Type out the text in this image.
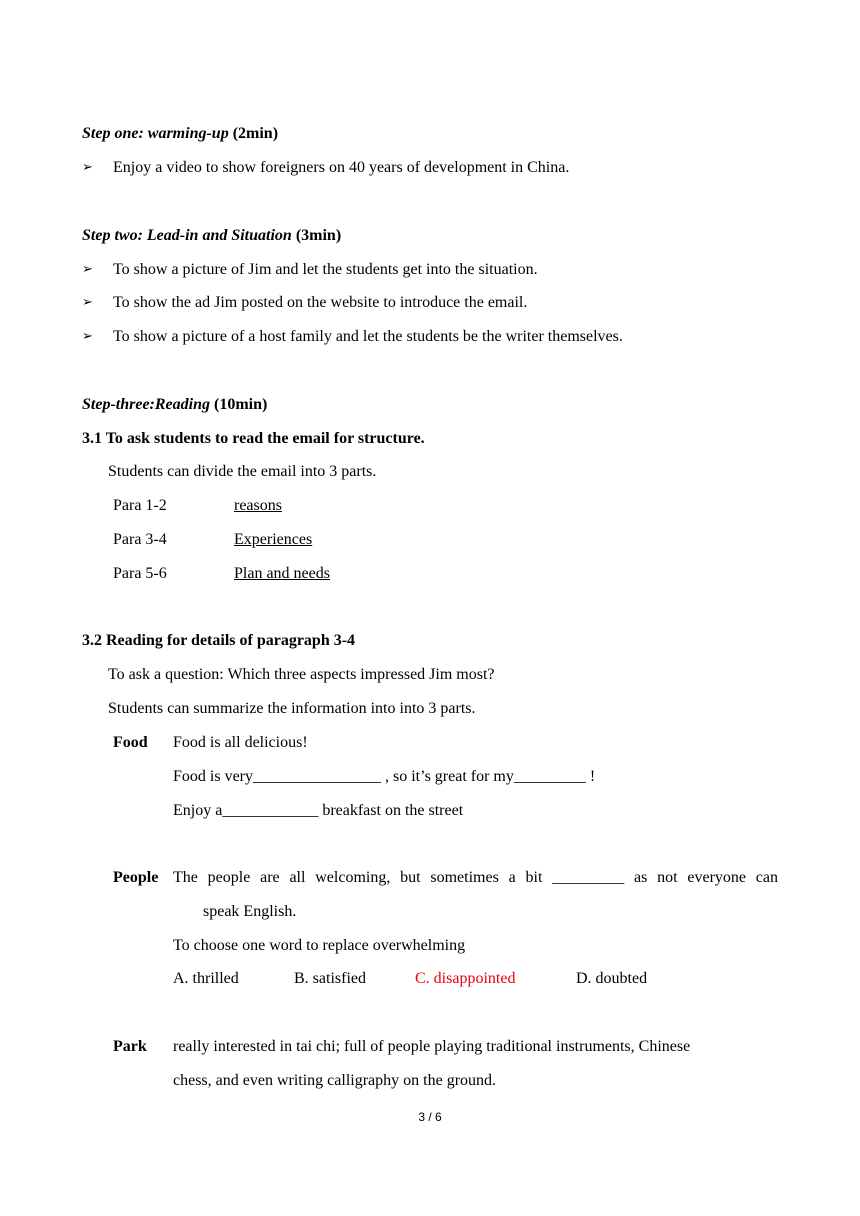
Step one: warming-up (2min)
➢ Enjoy a video to show foreigners on 40 years of development in China.
Step two: Lead-in and Situation (3min)
➢ To show a picture of Jim and let the students get into the situation.
➢ To show the ad Jim posted on the website to introduce the email.
➢ To show a picture of a host family and let the students be the writer themselves.
Step-three:Reading (10min)
3.1 To ask students to read the email for structure.
Students can divide the email into 3 parts.
Para 1-2	reasons
Para 3-4	Experiences
Para 5-6	Plan and needs
3.2 Reading for details of paragraph 3-4
To ask a question: Which three aspects impressed Jim most?
Students can summarize the information into into 3 parts.
Food Food is all delicious!
Food is very________________ , so it’s great for my_________ !
Enjoy a____________ breakfast on the street
People The people are all welcoming, but sometimes a bit _________ as not everyone can
speak English.
To choose one word to replace overwhelming
A. thrilled	B. satisfied	C. disappointed	D. doubted
Park really interested in tai chi; full of people playing traditional instruments, Chinese
chess, and even writing calligraphy on the ground.
3 / 6
